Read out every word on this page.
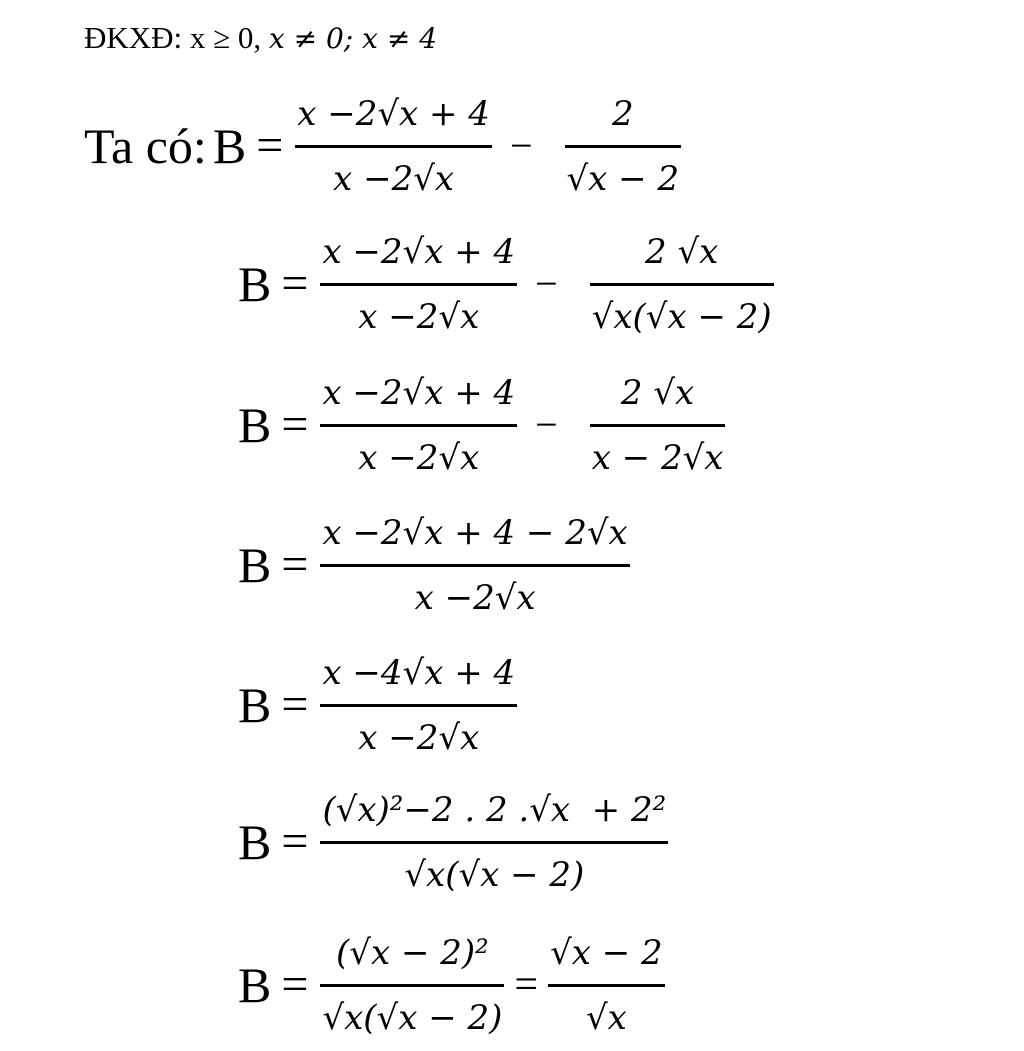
ĐKXĐ: x ≥ 0, x ≠ 0; x ≠ 4
Ta có: $B = \frac{x -2√x + 4}{x -2√x} - \frac{2}{√x - 2}$
$B = \frac{x -2√x + 4}{x -2√x} - \frac{2 √x}{√x(√x - 2)}$
$B = \frac{x -2√x + 4}{x -2√x} - \frac{2 √x}{x - 2√x}$
$B = \frac{x -2√x + 4 - 2√x}{x -2√x}$
$B = \frac{x -4√x + 4}{x -2√x}$
$B = \frac{\text{(√x)²−2 . 2 .√x  + 2²}}{√x(√x - 2)}$
$B = \frac{\text{(√x − 2)²}}{√x(√x - 2)} = \frac{√x - 2}{√x}$
